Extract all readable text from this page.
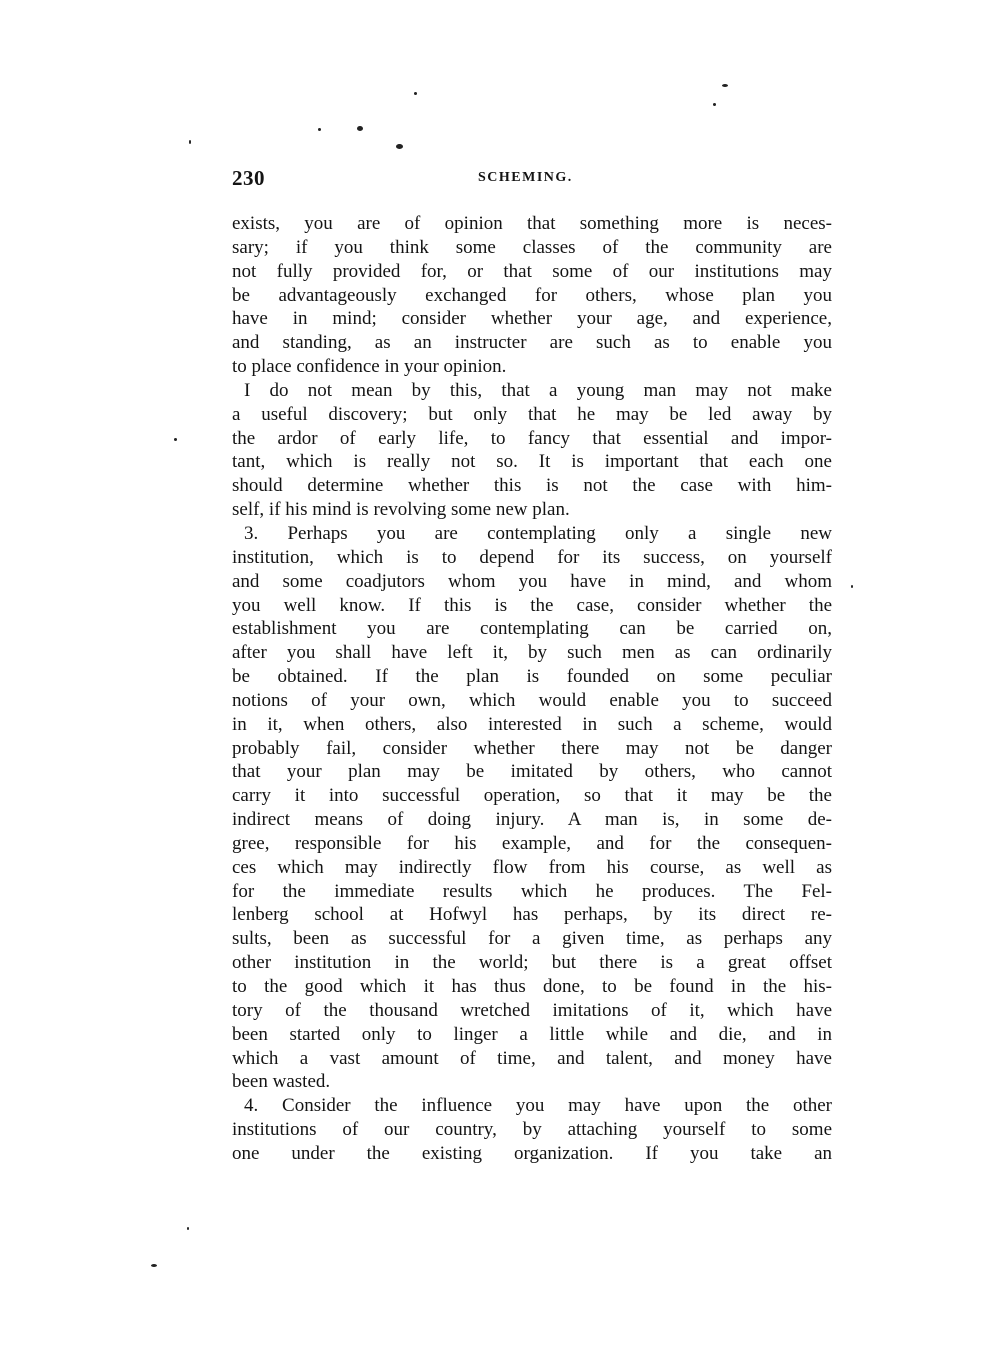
230	SCHEMING.
exists, you are of opinion that something more is neces-
sary; if you think some classes of the community are
not fully provided for, or that some of our institutions may
be advantageously exchanged for others, whose plan you
have in mind; consider whether your age, and experience,
and standing, as an instructer are such as to enable you
to place confidence in your opinion.
I do not mean by this, that a young man may not make
a useful discovery; but only that he may be led away by
the ardor of early life, to fancy that essential and impor-
tant, which is really not so. It is important that each one
should determine whether this is not the case with him-
self, if his mind is revolving some new plan.
3. Perhaps you are contemplating only a single new
institution, which is to depend for its success, on yourself
and some coadjutors whom you have in mind, and whom
you well know. If this is the case, consider whether the
establishment you are contemplating can be carried on,
after you shall have left it, by such men as can ordinarily
be obtained. If the plan is founded on some peculiar
notions of your own, which would enable you to succeed
in it, when others, also interested in such a scheme, would
probably fail, consider whether there may not be danger
that your plan may be imitated by others, who cannot
carry it into successful operation, so that it may be the
indirect means of doing injury. A man is, in some de-
gree, responsible for his example, and for the consequen-
ces which may indirectly flow from his course, as well as
for the immediate results which he produces. The Fel-
lenberg school at Hofwyl has perhaps, by its direct re-
sults, been as successful for a given time, as perhaps any
other institution in the world; but there is a great offset
to the good which it has thus done, to be found in the his-
tory of the thousand wretched imitations of it, which have
been started only to linger a little while and die, and in
which a vast amount of time, and talent, and money have
been wasted.
4. Consider the influence you may have upon the other
institutions of our country, by attaching yourself to some
one under the existing organization. If you take an
